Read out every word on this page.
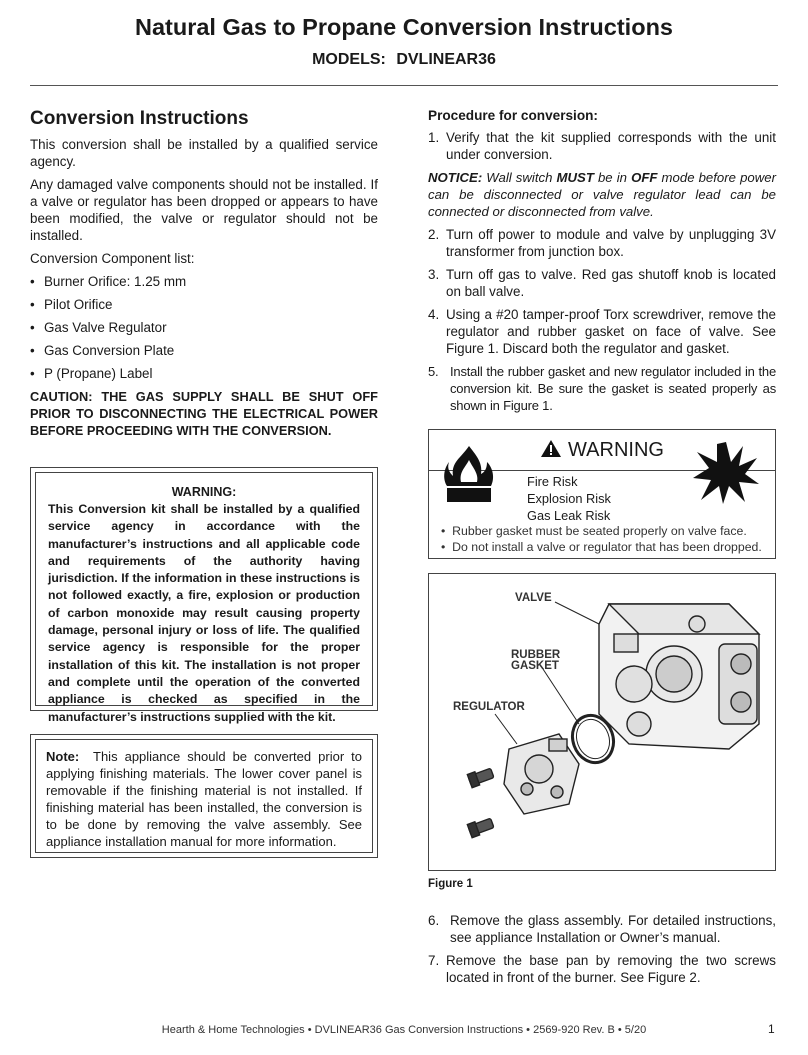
Natural Gas to Propane Conversion Instructions
MODELS: DVLINEAR36
Conversion Instructions

This conversion shall be installed by a qualified service agency.

Any damaged valve components should not be installed. If a valve or regulator has been dropped or appears to have been modified, the valve or regulator should not be installed.

Conversion Component list:

• Burner Orifice: 1.25 mm
• Pilot Orifice
• Gas Valve Regulator
• Gas Conversion Plate
• P (Propane) Label
CAUTION: THE GAS SUPPLY SHALL BE SHUT OFF PRIOR TO DISCONNECTING THE ELECTRICAL POWER BEFORE PROCEEDING WITH THE CONVERSION.
WARNING:
This Conversion kit shall be installed by a qualified service agency in accordance with the manufacturer’s instructions and all applicable code and requirements of the authority having jurisdiction. If the information in these instructions is not followed exactly, a fire, explosion or production of carbon monoxide may result causing property damage, personal injury or loss of life. The qualified service agency is responsible for the proper installation of this kit. The installation is not proper and complete until the operation of the converted appliance is checked as specified in the manufacturer’s instructions supplied with the kit.

Note: This appliance should be converted prior to applying finishing materials. The lower cover panel is removable if the finishing material is not installed. If finishing material has been installed, the conversion is to be done by removing the valve assembly. See appliance installation manual for more information.

Procedure for conversion:
1. Verify that the kit supplied corresponds with the unit under conversion.
NOTICE: Wall switch MUST be in OFF mode before power can be disconnected or valve regulator lead can be connected or disconnected from valve.
2. Turn off power to module and valve by unplugging 3V transformer from junction box.
3. Turn off gas to valve. Red gas shutoff knob is located on ball valve.
4. Using a #20 tamper-proof Torx screwdriver, remove the regulator and rubber gasket on face of valve. See Figure 1. Discard both the regulator and gasket.
5. Install the rubber gasket and new regulator included in the conversion kit. Be sure the gasket is seated properly as shown in Figure 1.
WARNING
Fire Risk
Explosion Risk
Gas Leak Risk
•  Rubber gasket must be seated properly on valve face.
•  Do not install a valve or regulator that has been dropped.
VALVE
RUBBER
GASKET
REGULATOR
Figure 1
6. Remove the glass assembly. For detailed instructions, see appliance Installation or Owner’s manual.
7. Remove the base pan by removing the two screws located in front of the burner. See Figure 2.
Hearth & Home Technologies • DVLINEAR36 Gas Conversion Instructions • 2569-920 Rev. B • 5/20	1
